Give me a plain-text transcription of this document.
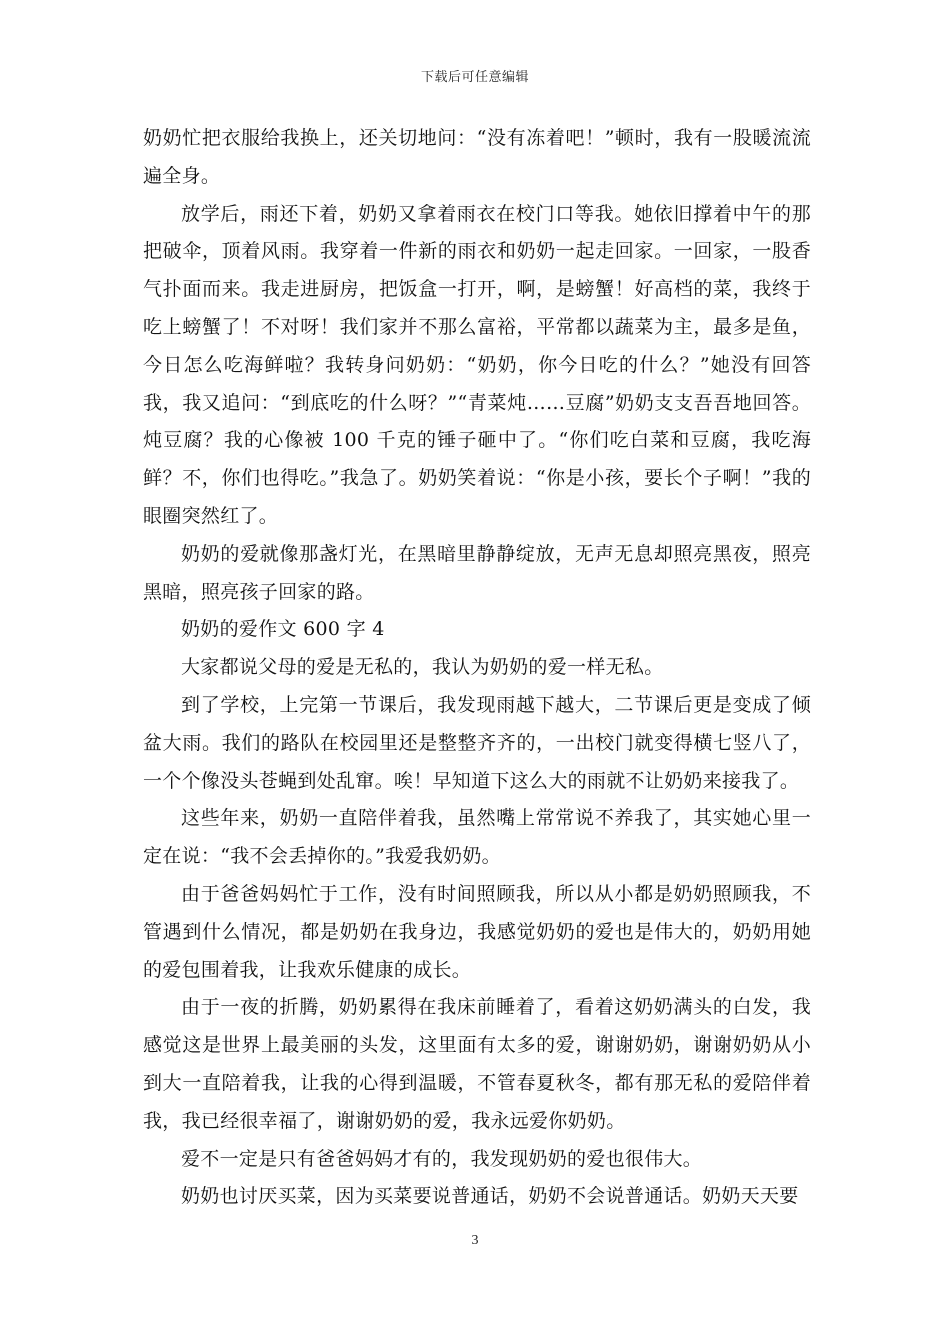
下载后可任意编辑

奶奶忙把衣服给我换上，还关切地问：“没有冻着吧！”顿时，我有一股暖流流遍全身。

放学后，雨还下着，奶奶又拿着雨衣在校门口等我。她依旧撑着中午的那把破伞，顶着风雨。我穿着一件新的雨衣和奶奶一起走回家。一回家，一股香气扑面而来。我走进厨房，把饭盒一打开，啊，是螃蟹！好高档的菜，我终于吃上螃蟹了！不对呀！我们家并不那么富裕，平常都以蔬菜为主，最多是鱼，今日怎么吃海鲜啦？我转身问奶奶：“奶奶，你今日吃的什么？”她没有回答我，我又追问：“到底吃的什么呀？”“青菜炖……豆腐”奶奶支支吾吾地回答。炖豆腐？我的心像被 100 千克的锤子砸中了。“你们吃白菜和豆腐，我吃海鲜？不，你们也得吃。”我急了。奶奶笑着说：“你是小孩，要长个子啊！”我的眼圈突然红了。

奶奶的爱就像那盏灯光，在黑暗里静静绽放，无声无息却照亮黑夜，照亮黑暗，照亮孩子回家的路。

奶奶的爱作文 600 字 4

大家都说父母的爱是无私的，我认为奶奶的爱一样无私。

到了学校，上完第一节课后，我发现雨越下越大，二节课后更是变成了倾盆大雨。我们的路队在校园里还是整整齐齐的，一出校门就变得横七竖八了，一个个像没头苍蝇到处乱窜。唉！早知道下这么大的雨就不让奶奶来接我了。

这些年来，奶奶一直陪伴着我，虽然嘴上常常说不养我了，其实她心里一定在说：“我不会丢掉你的。”我爱我奶奶。

由于爸爸妈妈忙于工作，没有时间照顾我，所以从小都是奶奶照顾我，不管遇到什么情况，都是奶奶在我身边，我感觉奶奶的爱也是伟大的，奶奶用她的爱包围着我，让我欢乐健康的成长。

由于一夜的折腾，奶奶累得在我床前睡着了，看着这奶奶满头的白发，我感觉这是世界上最美丽的头发，这里面有太多的爱，谢谢奶奶，谢谢奶奶从小到大一直陪着我，让我的心得到温暖，不管春夏秋冬，都有那无私的爱陪伴着我，我已经很幸福了，谢谢奶奶的爱，我永远爱你奶奶。

爱不一定是只有爸爸妈妈才有的，我发现奶奶的爱也很伟大。

奶奶也讨厌买菜，因为买菜要说普通话，奶奶不会说普通话。奶奶天天要

3
